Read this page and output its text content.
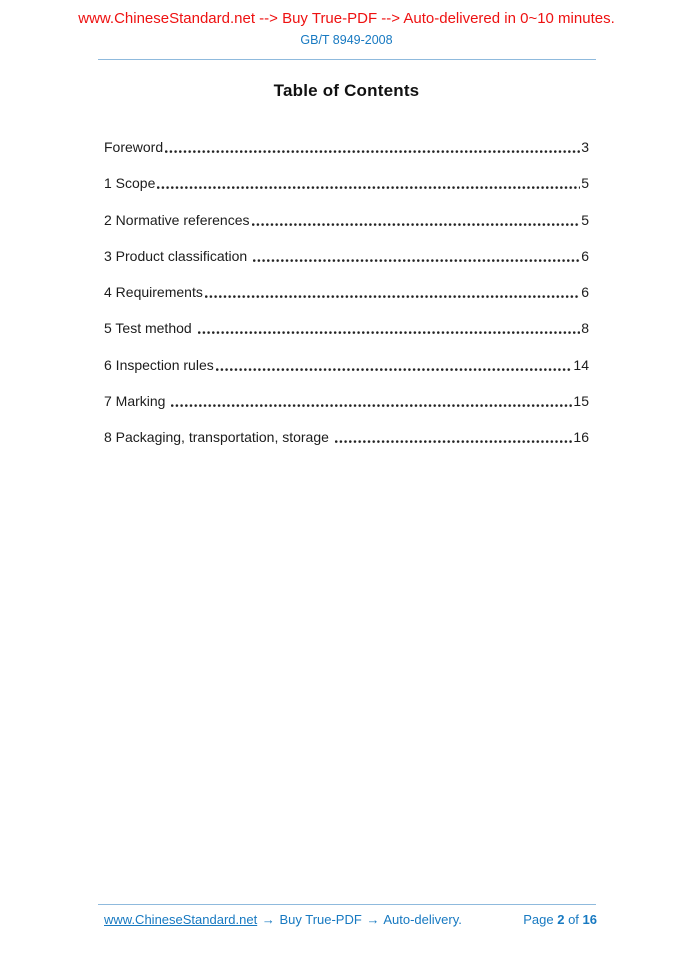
www.ChineseStandard.net --> Buy True-PDF --> Auto-delivered in 0~10 minutes.
GB/T 8949-2008
Table of Contents
Foreword	3
1 Scope	5
2 Normative references	5
3 Product classification	6
4 Requirements	6
5 Test method	8
6 Inspection rules	14
7 Marking	15
8 Packaging, transportation, storage	16
www.ChineseStandard.net → Buy True-PDF → Auto-delivery.	Page 2 of 16
